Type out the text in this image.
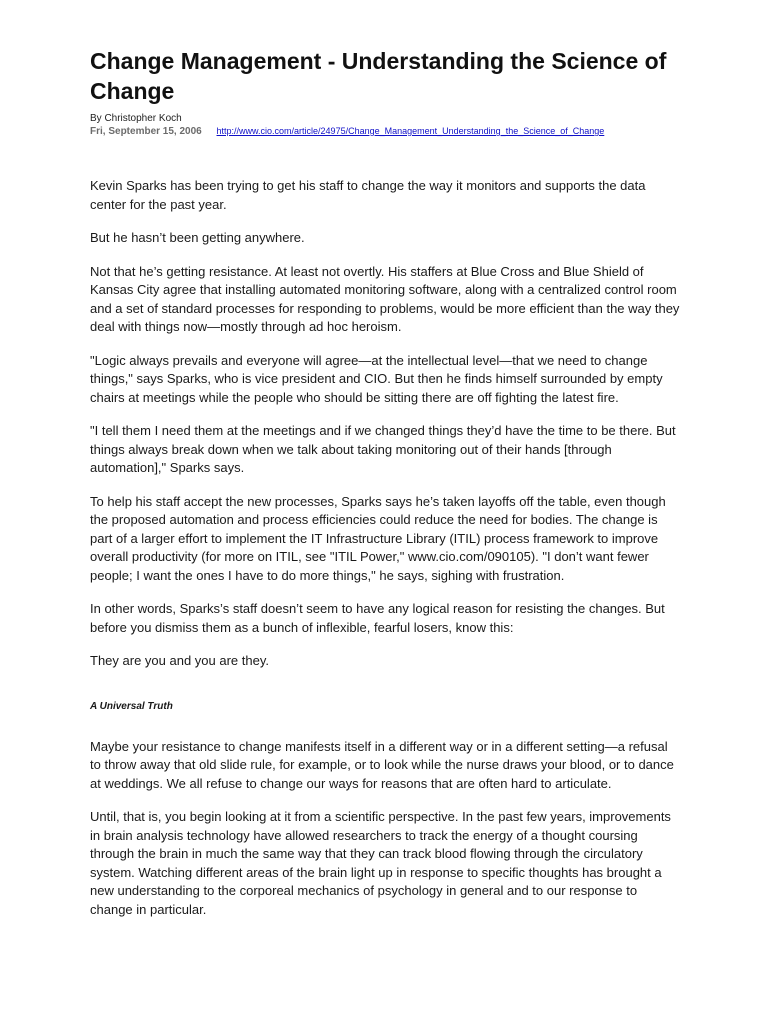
Change Management - Understanding the Science of Change
By Christopher Koch
Fri, September 15, 2006 http://www.cio.com/article/24975/Change_Management_Understanding_the_Science_of_Change

Kevin Sparks has been trying to get his staff to change the way it monitors and supports the data center for the past year.

But he hasn’t been getting anywhere.

Not that he’s getting resistance. At least not overtly. His staffers at Blue Cross and Blue Shield of Kansas City agree that installing automated monitoring software, along with a centralized control room and a set of standard processes for responding to problems, would be more efficient than the way they deal with things now—mostly through ad hoc heroism.

"Logic always prevails and everyone will agree—at the intellectual level—that we need to change things," says Sparks, who is vice president and CIO. But then he finds himself surrounded by empty chairs at meetings while the people who should be sitting there are off fighting the latest fire.

"I tell them I need them at the meetings and if we changed things they’d have the time to be there. But things always break down when we talk about taking monitoring out of their hands [through automation]," Sparks says.

To help his staff accept the new processes, Sparks says he’s taken layoffs off the table, even though the proposed automation and process efficiencies could reduce the need for bodies. The change is part of a larger effort to implement the IT Infrastructure Library (ITIL) process framework to improve overall productivity (for more on ITIL, see "ITIL Power," www.cio.com/090105). "I don’t want fewer people; I want the ones I have to do more things," he says, sighing with frustration.

In other words, Sparks’s staff doesn’t seem to have any logical reason for resisting the changes. But before you dismiss them as a bunch of inflexible, fearful losers, know this:

They are you and you are they.

A Universal Truth

Maybe your resistance to change manifests itself in a different way or in a different setting—a refusal to throw away that old slide rule, for example, or to look while the nurse draws your blood, or to dance at weddings. We all refuse to change our ways for reasons that are often hard to articulate.

Until, that is, you begin looking at it from a scientific perspective. In the past few years, improvements in brain analysis technology have allowed researchers to track the energy of a thought coursing through the brain in much the same way that they can track blood flowing through the circulatory system. Watching different areas of the brain light up in response to specific thoughts has brought a new understanding to the corporeal mechanics of psychology in general and to our response to change in particular.
